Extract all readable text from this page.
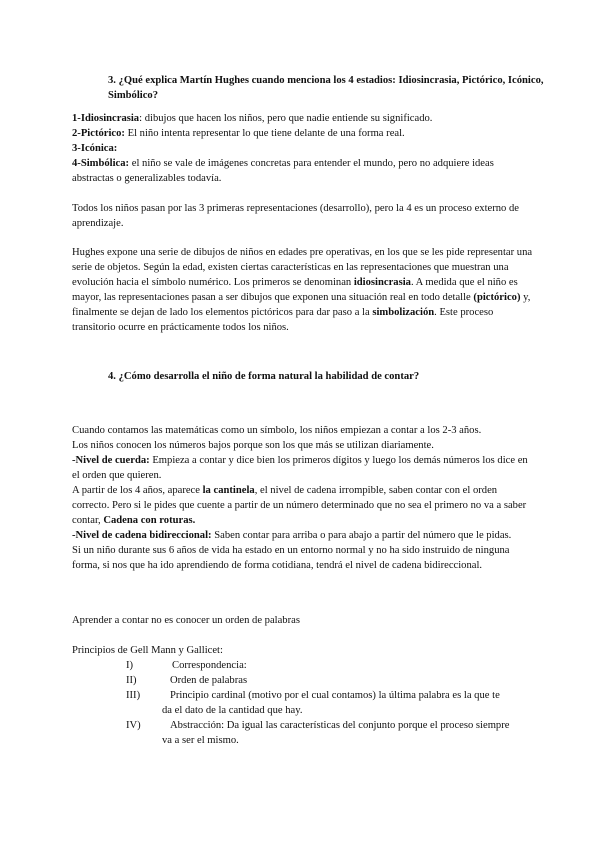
3. ¿Qué explica Martín Hughes cuando menciona los 4 estadios: Idiosincrasia, Pictórico, Icónico, Simbólico?

1-Idiosincrasia: dibujos que hacen los niños, pero que nadie entiende su significado.

2-Pictórico: El niño intenta representar lo que tiene delante de una forma real.

3-Icónica:

4-Simbólica: el niño se vale de imágenes concretas para entender el mundo, pero no adquiere ideas abstractas o generalizables todavía.

Todos los niños pasan por las 3 primeras representaciones (desarrollo), pero la 4 es un proceso externo de aprendizaje.

Hughes expone una serie de dibujos de niños en edades pre operativas, en los que se les pide representar una serie de objetos. Según la edad, existen ciertas características en las representaciones que muestran una evolución hacia el símbolo numérico. Los primeros se denominan idiosincrasia. A medida que el niño es mayor, las representaciones pasan a ser dibujos que exponen una situación real en todo detalle (pictórico) y, finalmente se dejan de lado los elementos pictóricos para dar paso a la simbolización. Este proceso transitorio ocurre en prácticamente todos los niños.

4. ¿Cómo desarrolla el niño de forma natural la habilidad de contar?

Cuando contamos las matemáticas como un símbolo, los niños empiezan a contar a los 2-3 años.

Los niños conocen los números bajos porque son los que más se utilizan diariamente.

-Nivel de cuerda: Empieza a contar y dice bien los primeros dígitos y luego los demás números los dice en el orden que quieren.

A partir de los 4 años, aparece la cantinela, el nivel de cadena irrompible, saben contar con el orden correcto. Pero si le pides que cuente a partir de un número determinado que no sea el primero no va a saber contar, Cadena con roturas.

-Nivel de cadena bidireccional: Saben contar para arriba o para abajo a partir del número que le pidas.

Si un niño durante sus 6 años de vida ha estado en un entorno normal y no ha sido instruido de ninguna forma, si nos que ha ido aprendiendo de forma cotidiana, tendrá el nivel de cadena bidireccional.

Aprender a contar no es conocer un orden de palabras

Principios de Gell Mann y Gallicet:

I)	Correspondencia:
II)	Orden de palabras
III)	Principio cardinal (motivo por el cual contamos) la última palabra es la que te
da el dato de la cantidad que hay.
IV)	Abstracción: Da igual las características del conjunto porque el proceso siempre
va a ser el mismo.
